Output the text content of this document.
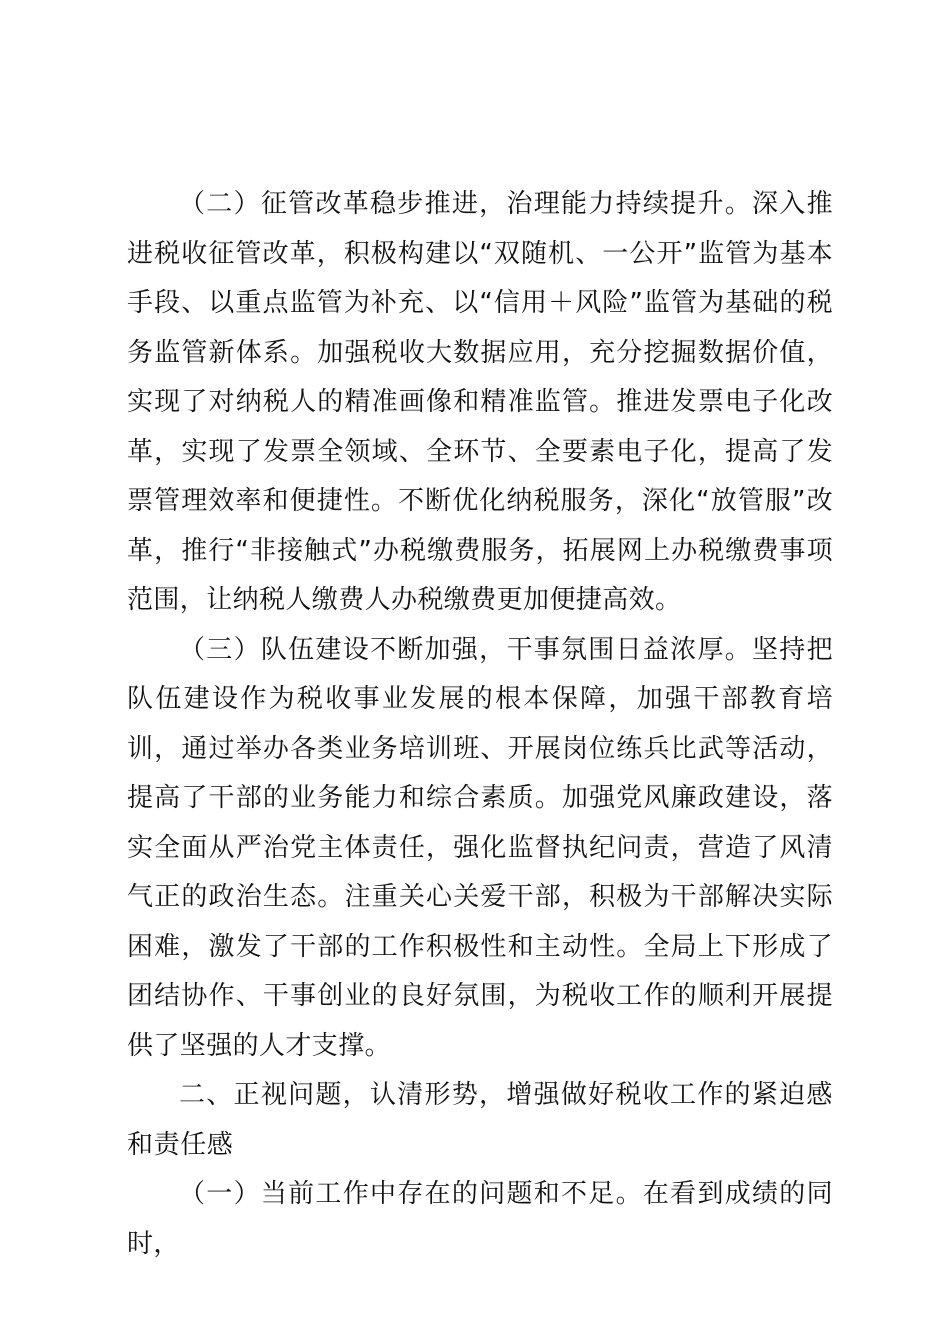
（二）征管改革稳步推进，治理能力持续提升。深入推进税收征管改革，积极构建以“双随机、一公开”监管为基本手段、以重点监管为补充、以“信用＋风险”监管为基础的税务监管新体系。加强税收大数据应用，充分挖掘数据价值，实现了对纳税人的精准画像和精准监管。推进发票电子化改革，实现了发票全领域、全环节、全要素电子化，提高了发票管理效率和便捷性。不断优化纳税服务，深化“放管服”改革，推行“非接触式”办税缴费服务，拓展网上办税缴费事项范围，让纳税人缴费人办税缴费更加便捷高效。

（三）队伍建设不断加强，干事氛围日益浓厚。坚持把队伍建设作为税收事业发展的根本保障，加强干部教育培训，通过举办各类业务培训班、开展岗位练兵比武等活动，提高了干部的业务能力和综合素质。加强党风廉政建设，落实全面从严治党主体责任，强化监督执纪问责，营造了风清气正的政治生态。注重关心关爱干部，积极为干部解决实际困难，激发了干部的工作积极性和主动性。全局上下形成了团结协作、干事创业的良好氛围，为税收工作的顺利开展提供了坚强的人才支撑。

二、正视问题，认清形势，增强做好税收工作的紧迫感和责任感

（一）当前工作中存在的问题和不足。在看到成绩的同时，
